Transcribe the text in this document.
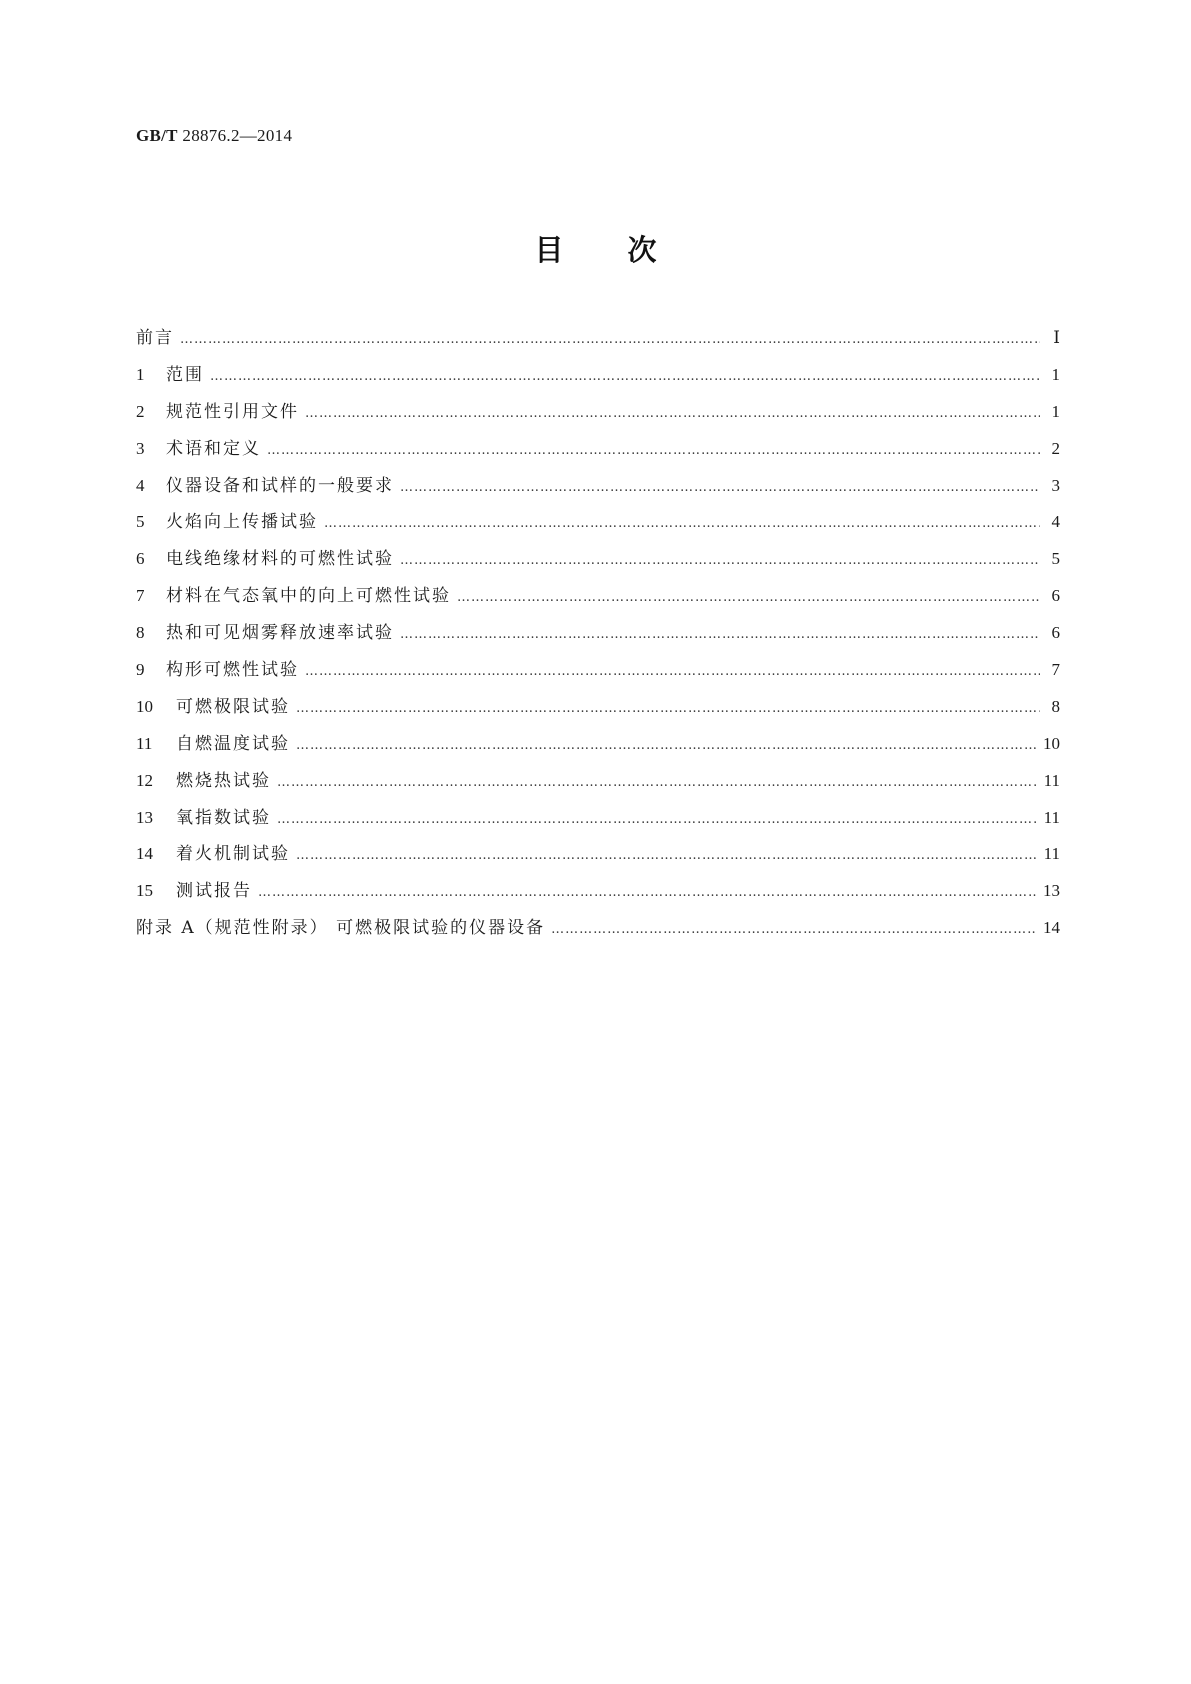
GB/T 28876.2—2014
目 次
前言 …………………………………………………………………………………………………………………………………………………………………………………………………………………………………………………………	Ⅰ
1	范围 …………………………………………………………………………………………………………………………………………………………………………………………………………………………………………………………	1
2	规范性引用文件 …………………………………………………………………………………………………………………………………………………………………………………………………………………………………………………………	1
3	术语和定义 …………………………………………………………………………………………………………………………………………………………………………………………………………………………………………………………	2
4	仪器设备和试样的一般要求 …………………………………………………………………………………………………………………………………………………………………………………………………………………………………………………………	3
5	火焰向上传播试验 …………………………………………………………………………………………………………………………………………………………………………………………………………………………………………………………	4
6	电线绝缘材料的可燃性试验 …………………………………………………………………………………………………………………………………………………………………………………………………………………………………………………………	5
7	材料在气态氧中的向上可燃性试验 …………………………………………………………………………………………………………………………………………………………………………………………………………………………………………………………	6
8	热和可见烟雾释放速率试验 …………………………………………………………………………………………………………………………………………………………………………………………………………………………………………………………	6
9	构形可燃性试验 …………………………………………………………………………………………………………………………………………………………………………………………………………………………………………………………	7
10	可燃极限试验 …………………………………………………………………………………………………………………………………………………………………………………………………………………………………………………………	8
11	自燃温度试验 …………………………………………………………………………………………………………………………………………………………………………………………………………………………………………………………	10
12	燃烧热试验 …………………………………………………………………………………………………………………………………………………………………………………………………………………………………………………………	11
13	氧指数试验 …………………………………………………………………………………………………………………………………………………………………………………………………………………………………………………………	11
14	着火机制试验 …………………………………………………………………………………………………………………………………………………………………………………………………………………………………………………………	11
15	测试报告 …………………………………………………………………………………………………………………………………………………………………………………………………………………………………………………………	13
附录 A（规范性附录） 可燃极限试验的仪器设备 …………………………………………………………………………………………………………………………………………………………………………………………………………………………………………………………	14
